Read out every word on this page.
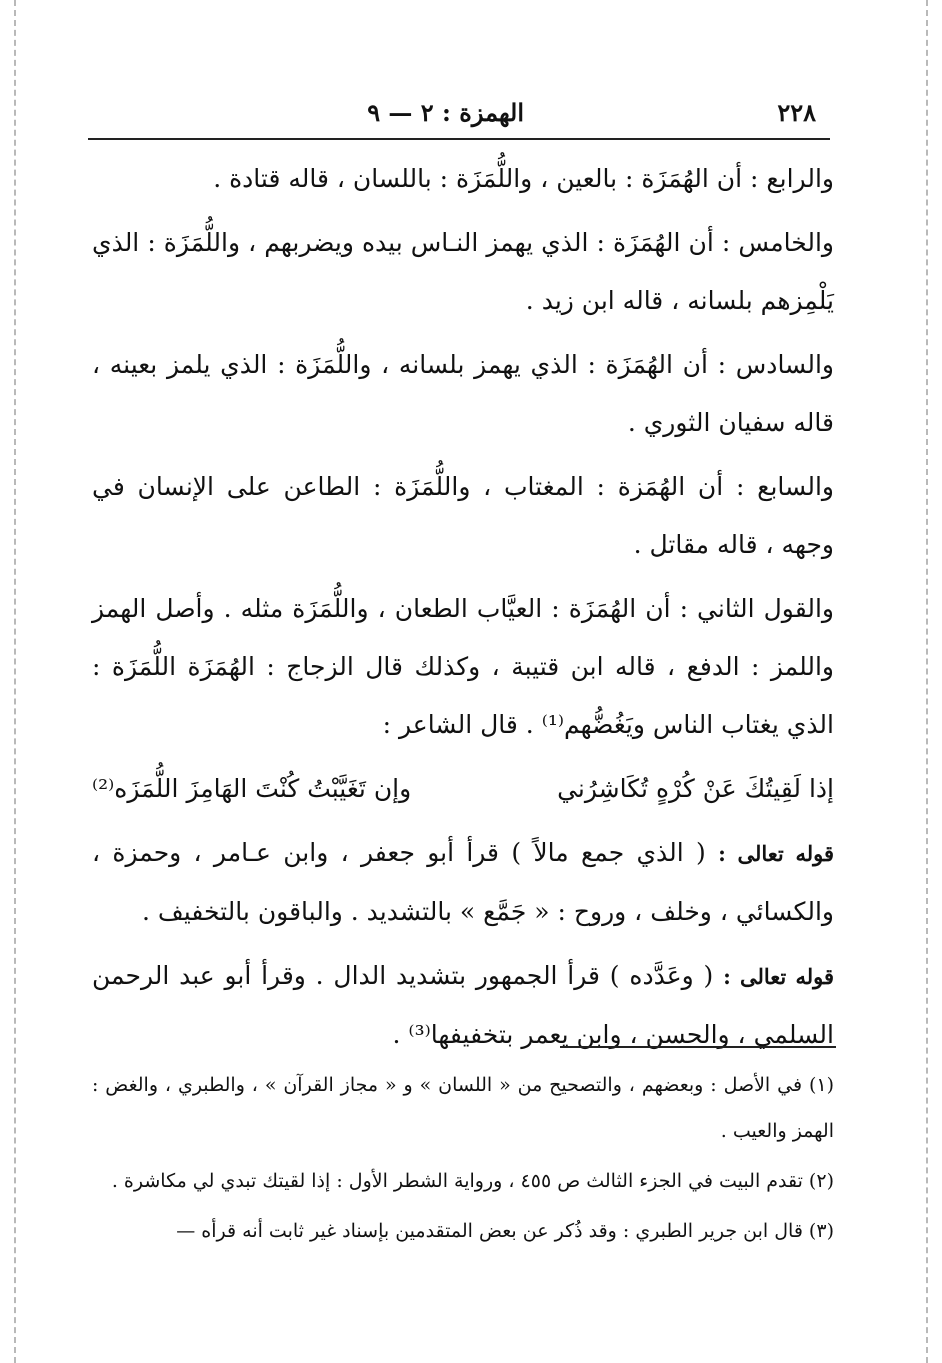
٢٢٨
الهمزة : ٢ — ٩

والرابع : أن الهُمَزَة : بالعين ، واللُّمَزَة : باللسان ، قاله قتادة .

والخامس : أن الهُمَزَة : الذي يهمز النـاس بيده ويضربهم ، واللُّمَزَة : الذي يَلْمِزهم بلسانه ، قاله ابن زيد .

والسادس : أن الهُمَزَة : الذي يهمز بلسانه ، واللُّمَزَة : الذي يلمز بعينه ، قاله سفيان الثوري .

والسابع : أن الهُمَزة : المغتاب ، واللُّمَزَة : الطاعن على الإنسان في وجهه ، قاله مقاتل .

والقول الثاني : أن الهُمَزَة : العيَّاب الطعان ، واللُّمَزَة مثله . وأصل الهمز واللمز : الدفع ، قاله ابن قتيبة ، وكذلك قال الزجاج : الهُمَزَة اللُّمَزَة : الذي يغتاب الناس ويَغُضُّهم⁽¹⁾ . قال الشاعر :

إذا لَقِيتُكَ عَنْ كُرْهٍ تُكَاشِرُني
وإن تَغَيَّبْتُ كُنْتَ الهَامِزَ اللُّمَزَه⁽²⁾

قوله تعالى : ( الذي جمع مالاً ) قرأ أبو جعفر ، وابن عـامر ، وحمزة ، والكسائي ، وخلف ، وروح : « جَمَّع » بالتشديد . والباقون بالتخفيف .

قوله تعالى : ( وعَدَّده ) قرأ الجمهور بتشديد الدال . وقرأ أبو عبد الرحمن السلمي ، والحسن ، وابن يعمر بتخفيفها⁽³⁾ .

(١) في الأصل : وبعضهم ، والتصحيح من « اللسان » و « مجاز القرآن » ، والطبري ، والغض : الهمز والعيب .

(٢) تقدم البيت في الجزء الثالث ص ٤٥٥ ، ورواية الشطر الأول : إذا لقيتك تبدي لي مكاشرة .

(٣) قال ابن جرير الطبري : وقد ذُكر عن بعض المتقدمين بإسناد غير ثابت أنه قرأه —
